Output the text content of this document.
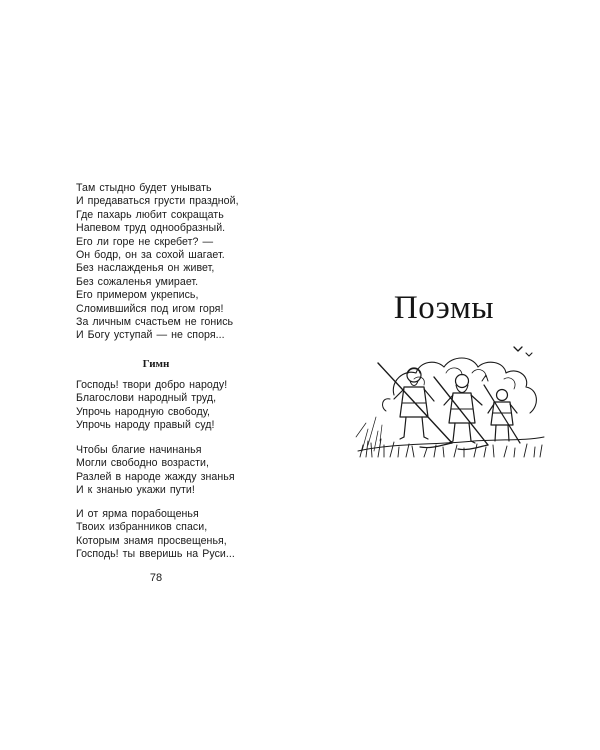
Там стыдно будет унывать
И предаваться грусти праздной,
Где пахарь любит сокращать
Напевом труд однообразный.
Его ли горе не скребет? —
Он бодр, он за сохой шагает.
Без наслажденья он живет,
Без сожаленья умирает.
Его примером укрепись,
Сломившийся под игом горя!
За личным счастьем не гонись
И Богу уступай — не споря...
Гимн
Господь! твори добро народу!
Благослови народный труд,
Упрочь народную свободу,
Упрочь народу правый суд!
Чтобы благие начинанья
Могли свободно возрасти,
Разлей в народе жажду знанья
И к знанью укажи пути!
И от ярма порабощенья
Твоих избранников спаси,
Которым знамя просвещенья,
Господь! ты вверишь на Руси...
78
Поэмы
